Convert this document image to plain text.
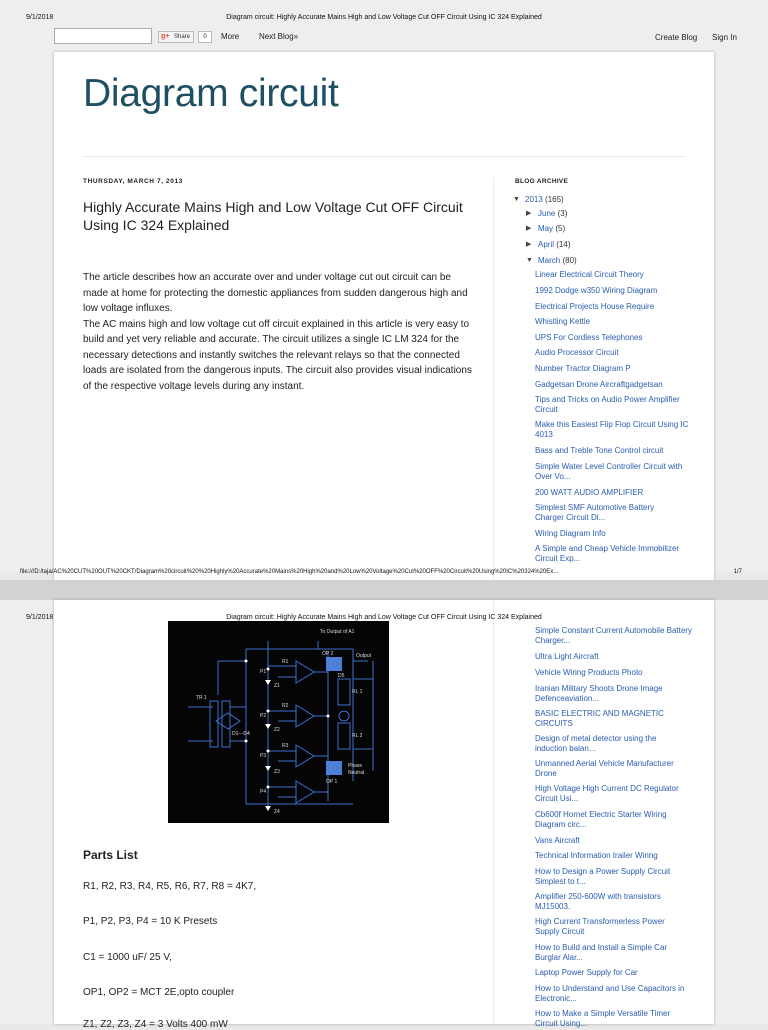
9/1/2018	Diagram circuit: Highly Accurate Mains High and Low Voltage Cut OFF Circuit Using IC 324 Explained
g+ Share	0	More Next Blog»	Create Blog Sign In
Diagram circuit
THURSDAY, MARCH 7, 2013
Highly Accurate Mains High and Low Voltage Cut OFF Circuit Using IC 324 Explained

The article describes how an accurate over and under voltage cut out circuit can be made at home for protecting the domestic appliances from sudden dangerous high and low voltage influxes.

The AC mains high and low voltage cut off circuit explained in this article is very easy to build and yet very reliable and accurate. The circuit utilizes a single IC LM 324 for the necessary detections and instantly switches the relevant relays so that the connected loads are isolated from the dangerous inputs. The circuit also provides visual indications of the respective voltage levels during any instant.

BLOG ARCHIVE
▼ 2013 (165)
▶ June (3)
▶ May (5)
▶ April (14)
▼ March (80)
Linear Electrical Circuit Theory
1992 Dodge w350 Wiring Diagram
Electrical Projects House Require
Whistling Kettle
UPS For Cordless Telephones
Audio Processor Circuit
Number Tractor Diagram P
Gadgetsan Drone Aircraftgadgetsan
Tips and Tricks on Audio Power Amplifier Circuit
Make this Easiest Flip Flop Circuit Using IC 4013
Bass and Treble Tone Control circuit
Simple Water Level Controller Circuit with Over Vo...
200 WATT AUDIO AMPLIFIER
Simplest SMF Automotive Battery Charger Circuit Di...
Wiring Diagram Info
A Simple and Cheap Vehicle Immobilizer Circuit Exp...
file:///D:/taja/AC%20CUT%20OUT%20CKT/Diagram%20circuit%20%20Highly%20Accurate%20Mains%20High%20and%20Low%20Voltage%20Cut%20OFF%20Circuit%20Using%20IC%20324%20Ex...	1/7
To Output of A1
Output
TR 1
D1---D4
RL 1
RL 2
OP 1
OP 2
P1
P2
P3
P4
R1
R2
R3
Z1
Z2
Z3
Z4
D5
Phase
Neutral
Parts List
R1, R2, R3, R4, R5, R6, R7, R8 = 4K7,
P1, P2, P3, P4 = 10 K Presets
C1 = 1000 uF/ 25 V,
OP1, OP2 = MCT 2E,opto coupler
Z1, Z2, Z3, Z4 = 3 Volts 400 mW
Simple Constant Current Automobile Battery Charger...
Ultra Light Aircraft
Vehicle Wiring Products Photo
Iranian Military Shoots Drone Image Defenceaviation...
BASIC ELECTRIC AND MAGNETIC CIRCUITS
Design of metal detector using the induction balan...
Unmanned Aerial Vehicle Manufacturer Drone
High Voltage High Current DC Regulator Circuit Usi...
Cb600f Hornet Electric Starter Wiring Diagram circ...
Vans Aircraft
Technical Information trailer Wiring
How to Design a Power Supply Circuit Simplest to t...
Amplifier 250-600W with transistors MJ15003.
High Current Transformerless Power Supply Circuit
How to Build and Install a Simple Car Burglar Alar...
Laptop Power Supply for Car
How to Understand and Use Capacitors in Electronic...
How to Make a Simple Versatile Timer Circuit Using...
9/1/2018	Diagram circuit: Highly Accurate Mains High and Low Voltage Cut OFF Circuit Using IC 324 Explained
